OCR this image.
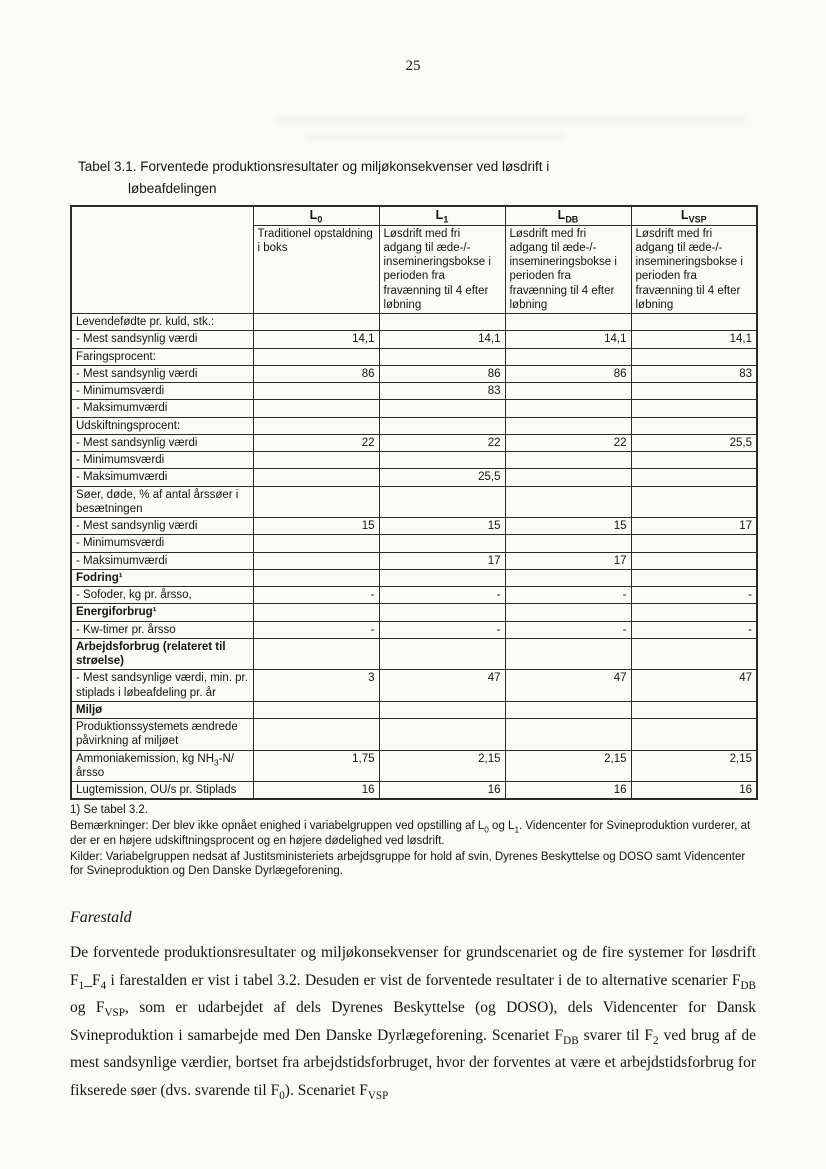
25
Tabel 3.1. Forventede produktionsresultater og miljøkonsekvenser ved løsdrift i
løbeafdelingen
	$L_0$	$L_1$	$L_{DB}$	$L_{VSP}$
	Traditionel opstaldning i boks	Løsdrift med fri adgang til æde-/- insemineringsbokse i perioden fra fravænning til 4 efter løbning	Løsdrift med fri adgang til æde-/- insemineringsbokse i perioden fra fravænning til 4 efter løbning	Løsdrift med fri adgang til æde-/- insemineringsbokse i perioden fra fravænning til 4 efter løbning
Levendefødte pr. kuld, stk.:				
- Mest sandsynlig værdi	14,1	14,1	14,1	14,1
Faringsprocent:				
- Mest sandsynlig værdi	86	86	86	83
- Minimumsværdi		83		
- Maksimumværdi				
Udskiftningsprocent:				
- Mest sandsynlig værdi	22	22	22	25,5
- Minimumsværdi				
- Maksimumværdi		25,5		
Søer, døde, % af antal årssøer i besætningen				
- Mest sandsynlig værdi	15	15	15	17
- Minimumsværdi				
- Maksimumværdi		17	17	
Fodring¹				
- Sofoder, kg pr. årsso,	-	-	-	-
Energiforbrug¹				
- Kw-timer pr. årsso	-	-	-	-
Arbejdsforbrug (relateret til strøelse)				
- Mest sandsynlige værdi, min. pr. stiplads i løbeafdeling pr. år	3	47	47	47
Miljø				
Produktionssystemets ændrede påvirkning af miljøet				
Ammoniakemission, kg $NH_3-N$/årsso	1,75	2,15	2,15	2,15
Lugtemission, OU/s pr. Stiplads	16	16	16	16
1) Se tabel 3.2.
Bemærkninger: Der blev ikke opnået enighed i variabelgruppen ved opstilling af $L_0$ og $L_1$. Videncenter for Svineproduktion vurderer, at der er en højere udskiftningsprocent og en højere dødelighed ved løsdrift.
Kilder: Variabelgruppen nedsat af Justitsministeriets arbejdsgruppe for hold af svin, Dyrenes Beskyttelse og DOSO samt Videncenter for Svineproduktion og Den Danske Dyrlægeforening.
Farestald

De forventede produktionsresultater og miljøkonsekvenser for grundscenariet og de fire systemer for løsdrift $F_1\_F_4$ i farestalden er vist i tabel 3.2. Desuden er vist de forventede resultater i de to alternative scenarier $F_{DB}$ og $F_{VSP}$, som er udarbejdet af dels Dyrenes Beskyttelse (og DOSO), dels Videncenter for Dansk Svineproduktion i samarbejde med Den Danske Dyrlægeforening. Scenariet $F_{DB}$ svarer til $F_2$ ved brug af de mest sandsynlige værdier, bortset fra arbejdstidsforbruget, hvor der forventes at være et arbejdstidsforbrug for fikserede søer (dvs. svarende til $F_0$). Scenariet $F_{VSP}$
